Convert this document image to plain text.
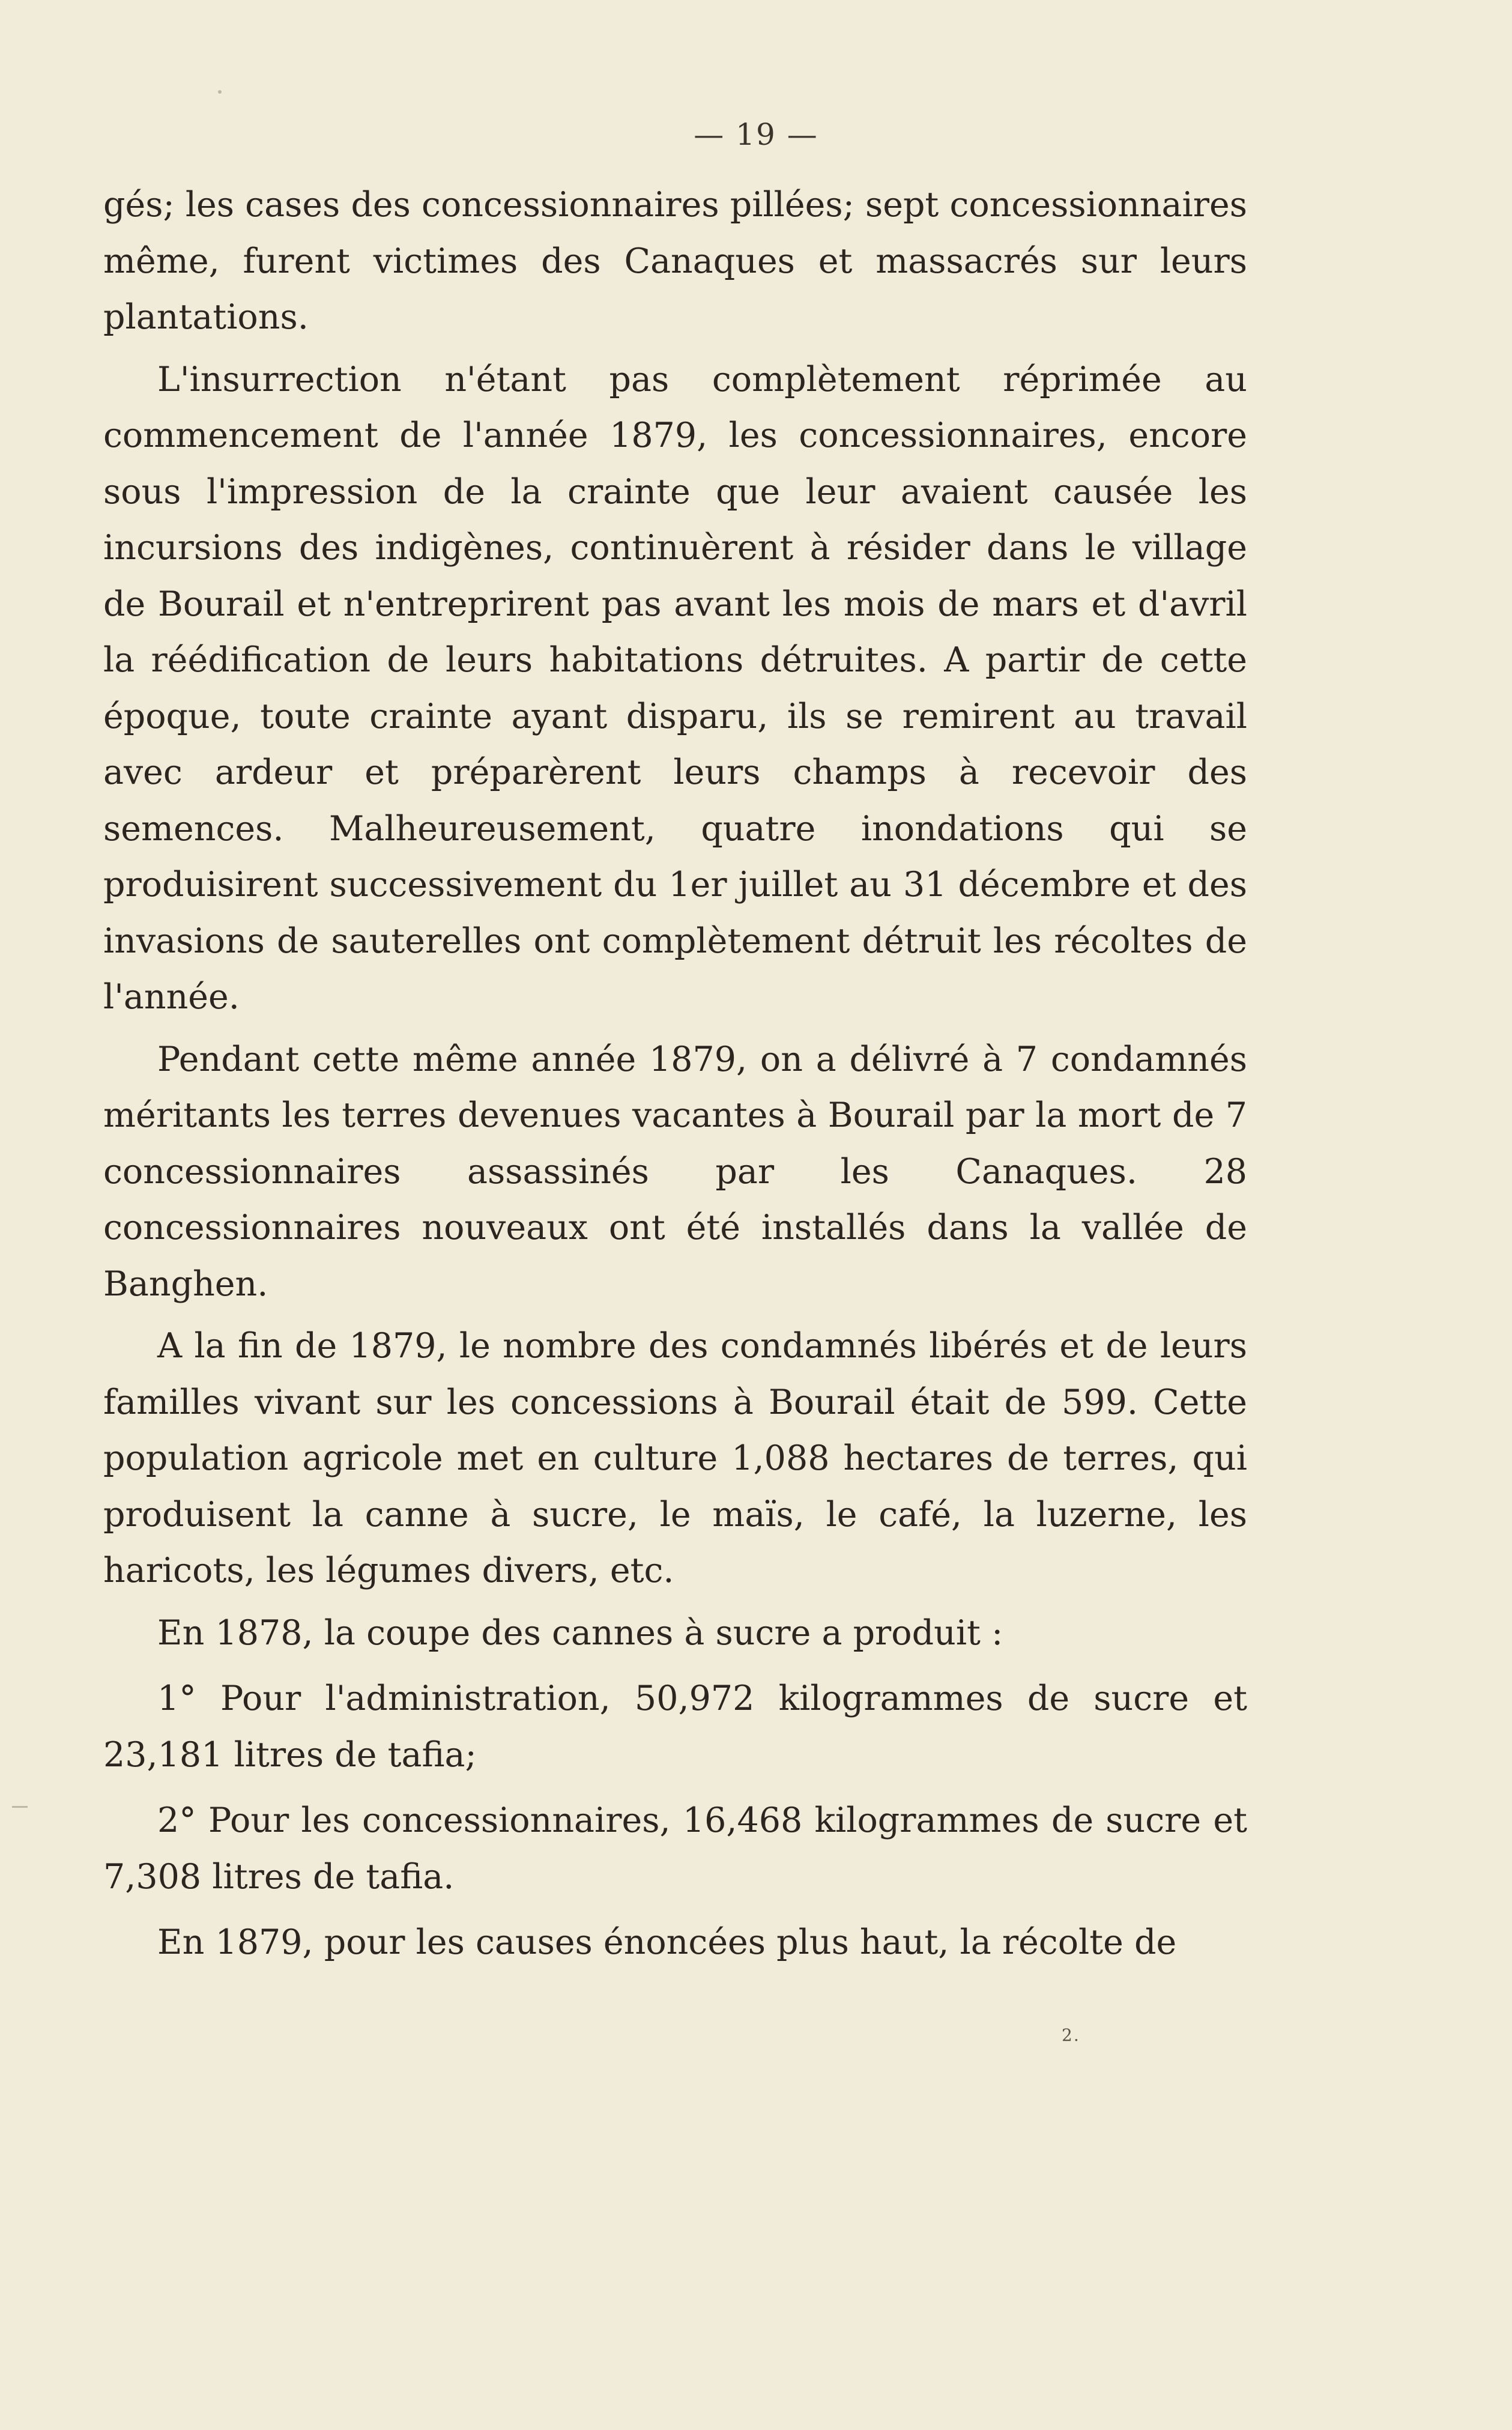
— 19 —

gés; les cases des concessionnaires pillées; sept concessionnaires même, furent victimes des Canaques et massacrés sur leurs plantations.

L'insurrection n'étant pas complètement réprimée au commencement de l'année 1879, les concessionnaires, encore sous l'impression de la crainte que leur avaient causée les incursions des indigènes, continuèrent à résider dans le village de Bourail et n'entreprirent pas avant les mois de mars et d'avril la réédification de leurs habitations détruites. A partir de cette époque, toute crainte ayant disparu, ils se remirent au travail avec ardeur et préparèrent leurs champs à recevoir des semences. Malheureusement, quatre inondations qui se produisirent successivement du 1er juillet au 31 décembre et des invasions de sauterelles ont complètement détruit les récoltes de l'année.

Pendant cette même année 1879, on a délivré à 7 condamnés méritants les terres devenues vacantes à Bourail par la mort de 7 concessionnaires assassinés par les Canaques. 28 concessionnaires nouveaux ont été installés dans la vallée de Banghen.

A la fin de 1879, le nombre des condamnés libérés et de leurs familles vivant sur les concessions à Bourail était de 599. Cette population agricole met en culture 1,088 hectares de terres, qui produisent la canne à sucre, le maïs, le café, la luzerne, les haricots, les légumes divers, etc.

En 1878, la coupe des cannes à sucre a produit :

1° Pour l'administration, 50,972 kilogrammes de sucre et 23,181 litres de tafia;

2° Pour les concessionnaires, 16,468 kilogrammes de sucre et 7,308 litres de tafia.

En 1879, pour les causes énoncées plus haut, la récolte de

2.
